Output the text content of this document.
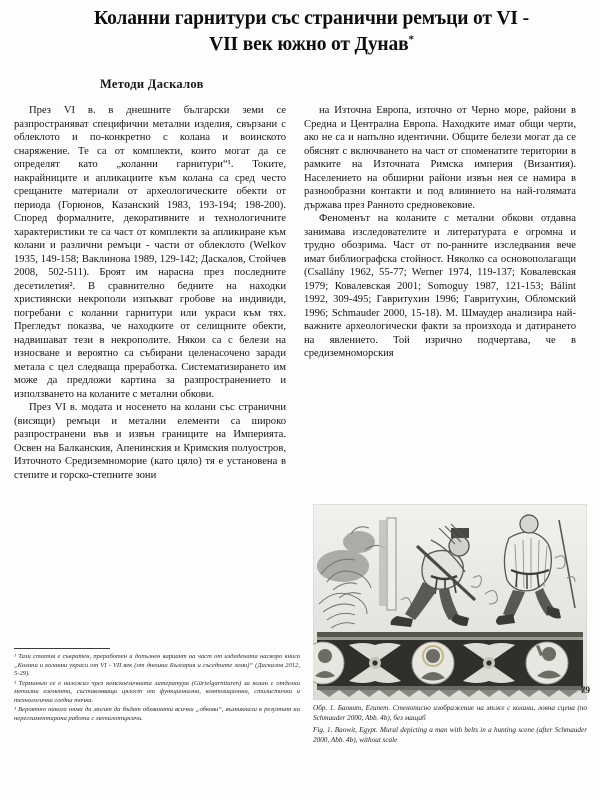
Коланни гарнитури със странични ремъци от VI - VII век южно от Дунав*
Методи Даскалов

През VI в. в днешните български земи се разпространяват специфични метални изделия, свързани с облеклото и по-конкретно с колана и воинското снаряжение. Те са от комплекти, които могат да се определят като „коланни гарнитури“¹. Токите, накрайниците и апликациите към колана са сред често срещаните материали от археологическите обекти от периода (Горюнов, Казанский 1983, 193-194; 198-200). Според формалните, декоративните и технологичните характеристики те са част от комплекти за апликиране към колани и различни ремъци - части от облеклото (Welkov 1935, 149-158; Ваклинова 1989, 129-142; Даскалов, Стойчев 2008, 502-511). Броят им нарасна през последните десетилетия². В сравнително бедните на находки християнски некрополи изпъкват гробове на индивиди, погребани с коланни гарнитури или украси към тях. Прегледът показва, че находките от селищните обекти, надвишават тези в некрополите. Някои са с белези на износване и вероятно са събирани целенасочено заради метала с цел следваща преработка. Систематизирането им може да предложи картина за разпространението и използването на коланите с метални обкови.

През VI в. модата и носенето на колани със странични (висящи) ремъци и метални елементи са широко разпространени във и извън границите на Империята. Освен на Балканския, Апенинския и Кримския полуостров, Източното Средиземноморие (като цяло) тя е установена в степите и горско-степните зони

на Източна Европа, източно от Черно море, райони в Средна и Централна Европа. Находките имат общи черти, ако не са и напълно идентични. Общите белези могат да се обяснят с включването на част от споменатите територии в рамките на Източната Римска империя (Византия). Населението на обширни райони извън нея се намира в разнообразни контакти и под влиянието на най-голямата държава през Ранното средновековие.

Феноменът на коланите с метални обкови отдавна занимава изследователите и литературата е огромна и трудно обозрима. Част от по-ранните изследвания вече имат библиографска стойност. Няколко са основополагащи (Csallány 1962, 55-77; Werner 1974, 119-137; Ковалевская 1979; Ковалевская 2001; Somoguy 1987, 121-153; Bálint 1992, 309-495; Гавритухин 1996; Гавритухин, Обломский 1996; Schmauder 2000, 15-18). М. Шмаудер анализира най-важните археологически факти за произхода и датирането на явлението. Той изрично подчертава, че в средиземноморския

¹ Тази статия е съкратен, преработен и допълнен вариант на част от издадената наскоро книга „Колани и коланни украси от VI - VII век (от днешна България и съседните земи)“ (Даскалов 2012, 5-29).

² Терминът се е наложил чрез немскоезичната литература (Gürtelgarnituren) за колан с отделни метални елементи, съставляващи цялост от функционална, композиционна, стилистична и технологична гледна точка.

³ Вероятно никога няма да могат да бъдат обхванати всички „обкови“, възникнали в резултат на нерегламентирана работа с металотърсачи.

Обр. 1. Баовит, Египет. Стенописно изображение на мъже с колани, ловна сцена (по Schmauder 2000, Abb. 4b), без мащаб
Fig. 1. Baowit, Egypt. Mural depicting a man with belts in a hunting scene (after Schmauder 2000, Abb. 4b), without scale
79
